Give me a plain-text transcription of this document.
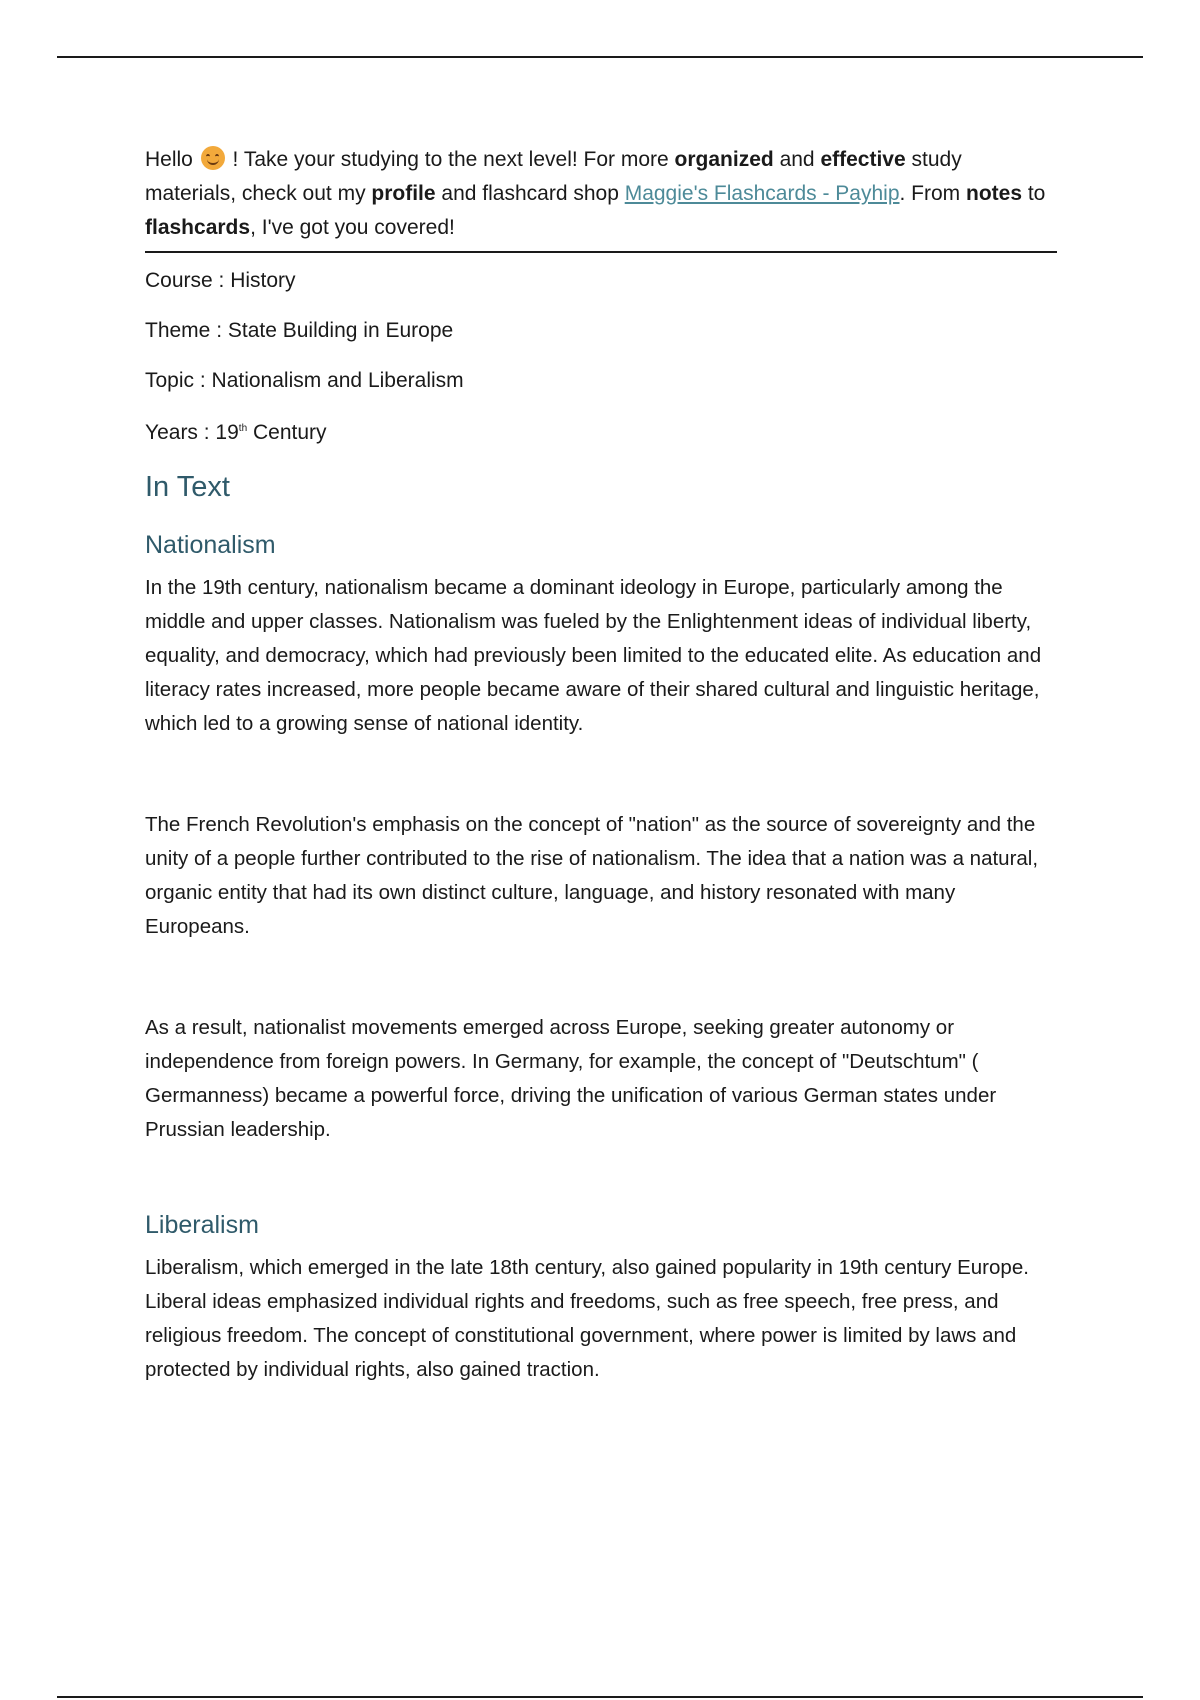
Hello ! Take your studying to the next level! For more organized and effective study materials, check out my profile and flashcard shop Maggie's Flashcards - Payhip. From notes to flashcards, I've got you covered!

Course : History

Theme : State Building in Europe

Topic : Nationalism and Liberalism

Years : 19th Century

In Text
Nationalism

In the 19th century, nationalism became a dominant ideology in Europe, particularly among the middle and upper classes. Nationalism was fueled by the Enlightenment ideas of individual liberty, equality, and democracy, which had previously been limited to the educated elite. As education and literacy rates increased, more people became aware of their shared cultural and linguistic heritage, which led to a growing sense of national identity.

The French Revolution's emphasis on the concept of "nation" as the source of sovereignty and the unity of a people further contributed to the rise of nationalism. The idea that a nation was a natural, organic entity that had its own distinct culture, language, and history resonated with many Europeans.

As a result, nationalist movements emerged across Europe, seeking greater autonomy or independence from foreign powers. In Germany, for example, the concept of "Deutschtum" ( Germanness) became a powerful force, driving the unification of various German states under Prussian leadership.

Liberalism

Liberalism, which emerged in the late 18th century, also gained popularity in 19th century Europe. Liberal ideas emphasized individual rights and freedoms, such as free speech, free press, and religious freedom. The concept of constitutional government, where power is limited by laws and protected by individual rights, also gained traction.
